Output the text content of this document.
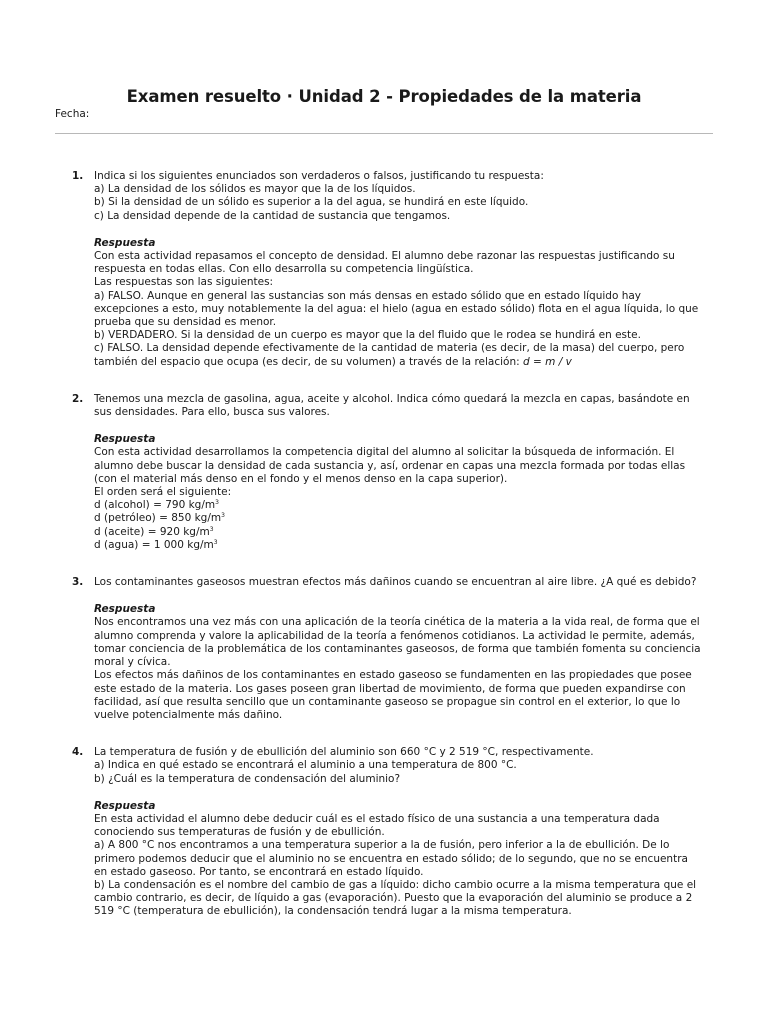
Examen resuelto · Unidad 2 - Propiedades de la materia
Fecha:
1. Indica si los siguientes enunciados son verdaderos o falsos, justificando tu respuesta:

a) La densidad de los sólidos es mayor que la de los líquidos.

b) Si la densidad de un sólido es superior a la del agua, se hundirá en este líquido.

c) La densidad depende de la cantidad de sustancia que tengamos.

Respuesta

Con esta actividad repasamos el concepto de densidad. El alumno debe razonar las respuestas justificando su respuesta en todas ellas. Con ello desarrolla su competencia lingüística.

Las respuestas son las siguientes:

a) FALSO. Aunque en general las sustancias son más densas en estado sólido que en estado líquido hay excepciones a esto, muy notablemente la del agua: el hielo (agua en estado sólido) flota en el agua líquida, lo que prueba que su densidad es menor.

b) VERDADERO. Si la densidad de un cuerpo es mayor que la del fluido que le rodea se hundirá en este.

c) FALSO. La densidad depende efectivamente de la cantidad de materia (es decir, de la masa) del cuerpo, pero también del espacio que ocupa (es decir, de su volumen) a través de la relación: d = m / v

2. Tenemos una mezcla de gasolina, agua, aceite y alcohol. Indica cómo quedará la mezcla en capas, basándote en sus densidades. Para ello, busca sus valores.

Respuesta

Con esta actividad desarrollamos la competencia digital del alumno al solicitar la búsqueda de información. El alumno debe buscar la densidad de cada sustancia y, así, ordenar en capas una mezcla formada por todas ellas (con el material más denso en el fondo y el menos denso en la capa superior).

El orden será el siguiente:

d (alcohol) = 790 $kg/m^3$

d (petróleo) = 850 $kg/m^3$

d (aceite) = 920 $kg/m^3$

d (agua) = 1 000 $kg/m^3$

3. Los contaminantes gaseosos muestran efectos más dañinos cuando se encuentran al aire libre. ¿A qué es debido?

Respuesta

Nos encontramos una vez más con una aplicación de la teoría cinética de la materia a la vida real, de forma que el alumno comprenda y valore la aplicabilidad de la teoría a fenómenos cotidianos. La actividad le permite, además, tomar conciencia de la problemática de los contaminantes gaseosos, de forma que también fomenta su conciencia moral y cívica.

Los efectos más dañinos de los contaminantes en estado gaseoso se fundamenten en las propiedades que posee este estado de la materia. Los gases poseen gran libertad de movimiento, de forma que pueden expandirse con facilidad, así que resulta sencillo que un contaminante gaseoso se propague sin control en el exterior, lo que lo vuelve potencialmente más dañino.

4. La temperatura de fusión y de ebullición del aluminio son 660 °C y 2 519 °C, respectivamente.

a) Indica en qué estado se encontrará el aluminio a una temperatura de 800 °C.

b) ¿Cuál es la temperatura de condensación del aluminio?

Respuesta

En esta actividad el alumno debe deducir cuál es el estado físico de una sustancia a una temperatura dada conociendo sus temperaturas de fusión y de ebullición.

a) A 800 °C nos encontramos a una temperatura superior a la de fusión, pero inferior a la de ebullición. De lo primero podemos deducir que el aluminio no se encuentra en estado sólido; de lo segundo, que no se encuentra en estado gaseoso. Por tanto, se encontrará en estado líquido.

b) La condensación es el nombre del cambio de gas a líquido: dicho cambio ocurre a la misma temperatura que el cambio contrario, es decir, de líquido a gas (evaporación). Puesto que la evaporación del aluminio se produce a 2 519 °C (temperatura de ebullición), la condensación tendrá lugar a la misma temperatura.
